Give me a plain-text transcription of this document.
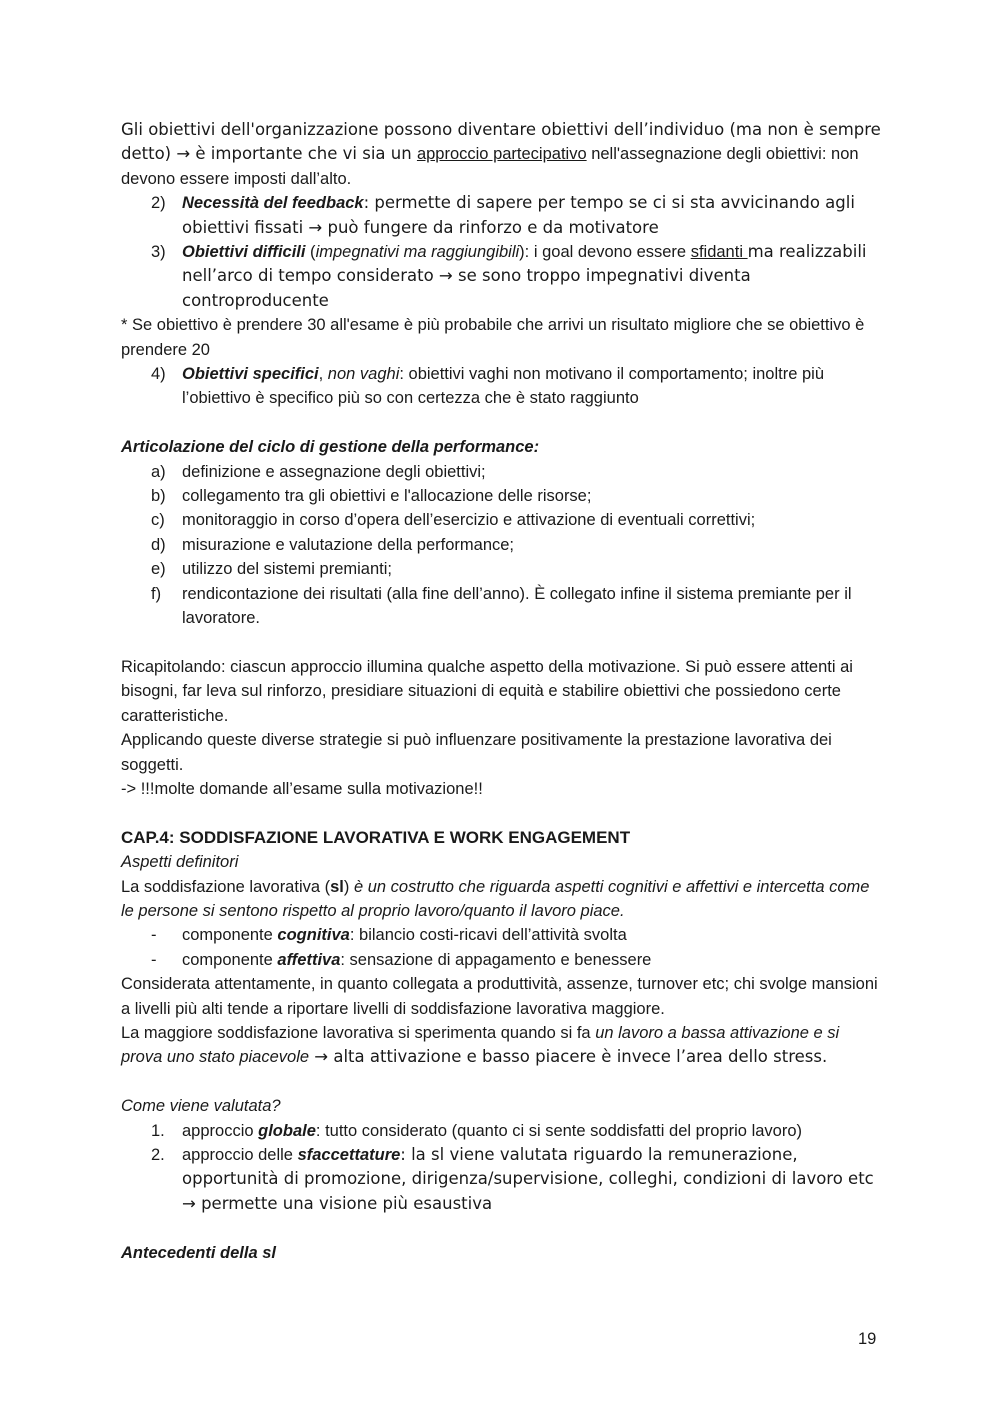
Gli obiettivi dell'organizzazione possono diventare obiettivi dell’individuo (ma non è sempre detto) → è importante che vi sia un approccio partecipativo nell'assegnazione degli obiettivi: non devono essere imposti dall’alto.

2) Necessità del feedback: permette di sapere per tempo se ci si sta avvicinando agli obiettivi fissati → può fungere da rinforzo e da motivatore
3) Obiettivi difficili (impegnativi ma raggiungibili): i goal devono essere sfidanti ma realizzabili nell’arco di tempo considerato → se sono troppo impegnativi diventa controproducente

* Se obiettivo è prendere 30 all'esame è più probabile che arrivi un risultato migliore che se obiettivo è prendere 20

4) Obiettivi specifici, non vaghi: obiettivi vaghi non motivano il comportamento; inoltre più l’obiettivo è specifico più so con certezza che è stato raggiunto

Articolazione del ciclo di gestione della performance:

a) definizione e assegnazione degli obiettivi;
b) collegamento tra gli obiettivi e l'allocazione delle risorse;
c) monitoraggio in corso d’opera dell’esercizio e attivazione di eventuali correttivi;
d) misurazione e valutazione della performance;
e) utilizzo del sistemi premianti;
f) rendicontazione dei risultati (alla fine dell’anno). È collegato infine il sistema premiante per il lavoratore.

Ricapitolando: ciascun approccio illumina qualche aspetto della motivazione. Si può essere attenti ai bisogni, far leva sul rinforzo, presidiare situazioni di equità e stabilire obiettivi che possiedono certe caratteristiche.

Applicando queste diverse strategie si può influenzare positivamente la prestazione lavorativa dei soggetti.

-> !!!molte domande all’esame sulla motivazione!!

CAP.4: SODDISFAZIONE LAVORATIVA E WORK ENGAGEMENT

Aspetti definitori

La soddisfazione lavorativa (sl) è un costrutto che riguarda aspetti cognitivi e affettivi e intercetta come le persone si sentono rispetto al proprio lavoro/quanto il lavoro piace.

- componente cognitiva: bilancio costi-ricavi dell’attività svolta
- componente affettiva: sensazione di appagamento e benessere

Considerata attentamente, in quanto collegata a produttività, assenze, turnover etc; chi svolge mansioni a livelli più alti tende a riportare livelli di soddisfazione lavorativa maggiore.

La maggiore soddisfazione lavorativa si sperimenta quando si fa un lavoro a bassa attivazione e si prova uno stato piacevole → alta attivazione e basso piacere è invece l’area dello stress.

Come viene valutata?

1. approccio globale: tutto considerato (quanto ci si sente soddisfatti del proprio lavoro)
2. approccio delle sfaccettature: la sl viene valutata riguardo la remunerazione, opportunità di promozione, dirigenza/supervisione, colleghi, condizioni di lavoro etc → permette una visione più esaustiva

Antecedenti della sl

19
